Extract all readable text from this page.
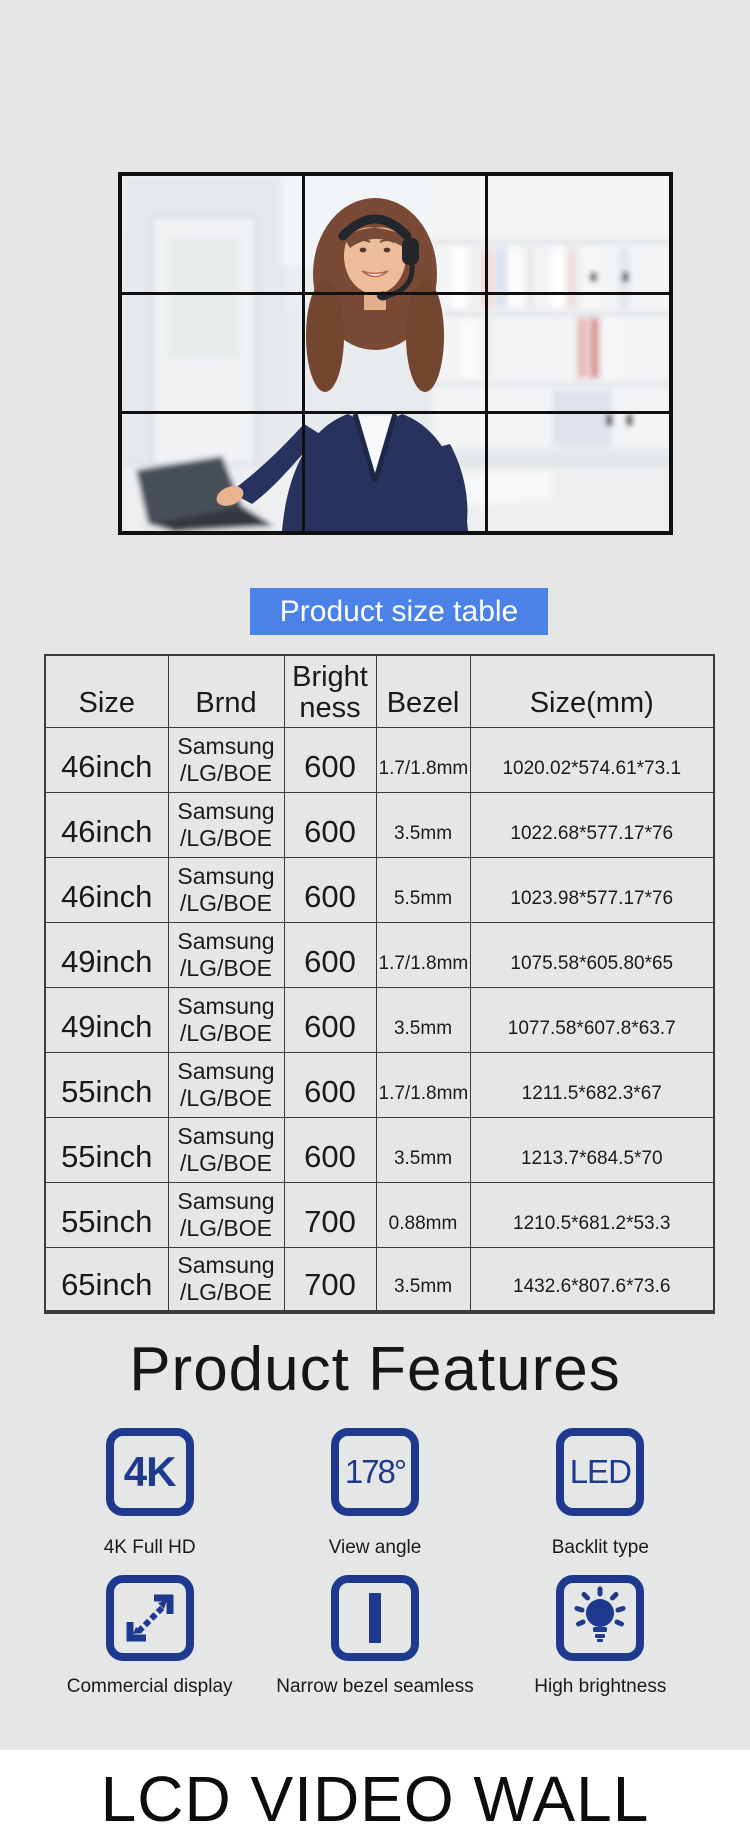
Product size table
Size	Brnd	Bright ness	Bezel	Size(mm)
46inch	Samsung /LG/BOE	600	1.7/1.8mm	1020.02*574.61*73.1
46inch	Samsung /LG/BOE	600	3.5mm	1022.68*577.17*76
46inch	Samsung /LG/BOE	600	5.5mm	1023.98*577.17*76
49inch	Samsung /LG/BOE	600	1.7/1.8mm	1075.58*605.80*65
49inch	Samsung /LG/BOE	600	3.5mm	1077.58*607.8*63.7
55inch	Samsung /LG/BOE	600	1.7/1.8mm	1211.5*682.3*67
55inch	Samsung /LG/BOE	600	3.5mm	1213.7*684.5*70
55inch	Samsung /LG/BOE	700	0.88mm	1210.5*681.2*53.3
65inch	Samsung /LG/BOE	700	3.5mm	1432.6*807.6*73.6
Product Features
4K
4K Full HD
178°
View angle
LED
Backlit type
Commercial display Narrow bezel seamless	High brightness
LCD VIDEO WALL
